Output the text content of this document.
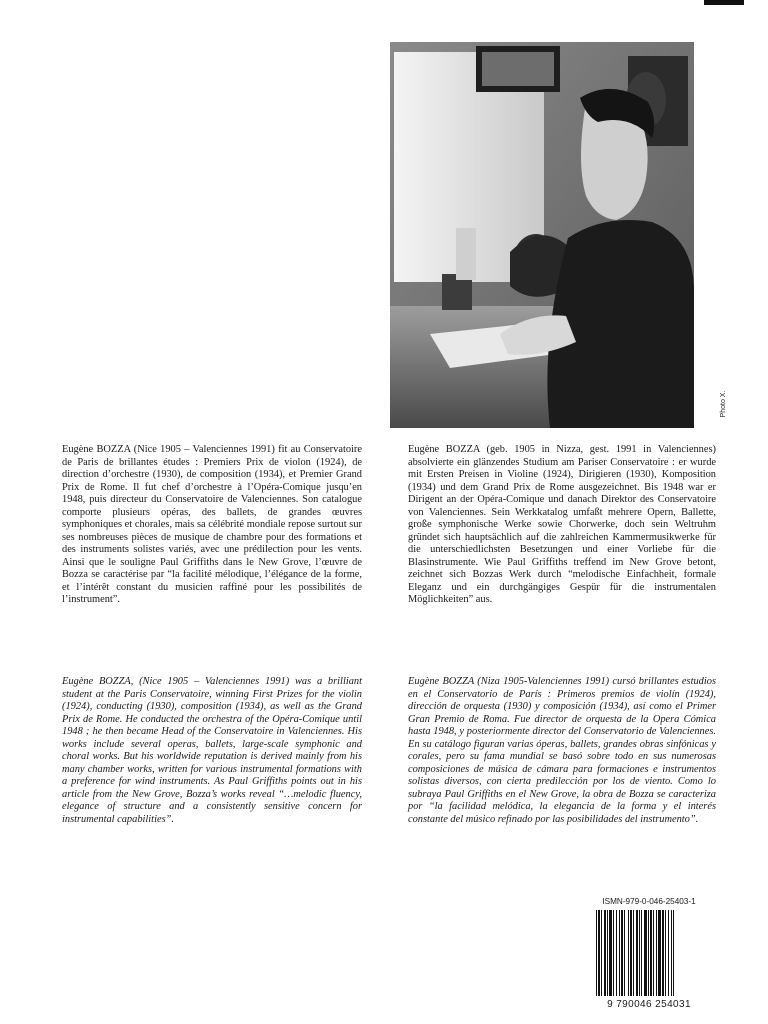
Photo X.

Eugène BOZZA (Nice 1905 – Valenciennes 1991) fit au Conservatoire de Paris de brillantes études : Premiers Prix de violon (1924), de direction d’orchestre (1930), de composition (1934), et Premier Grand Prix de Rome. Il fut chef d’orchestre à l’Opéra-Comique jusqu’en 1948, puis directeur du Conservatoire de Valenciennes. Son catalogue comporte plusieurs opéras, des ballets, de grandes œuvres symphoniques et chorales, mais sa célébrité mondiale repose surtout sur ses nombreuses pièces de musique de chambre pour des formations et des instruments solistes variés, avec une prédilection pour les vents. Ainsi que le souligne Paul Griffiths dans le New Grove, l’œuvre de Bozza se caractérise par “la facilité mélodique, l’élégance de la forme, et l’intérêt constant du musicien raffiné pour les possibilités de l’instrument”.

Eugène BOZZA (geb. 1905 in Nizza, gest. 1991 in Valenciennes) absolvierte ein glänzendes Studium am Pariser Conservatoire : er wurde mit Ersten Preisen in Violine (1924), Dirigieren (1930), Komposition (1934) und dem Grand Prix de Rome ausgezeichnet. Bis 1948 war er Dirigent an der Opéra-Comique und danach Direktor des Conservatoire von Valenciennes. Sein Werkkatalog umfaßt mehrere Opern, Ballette, große symphonische Werke sowie Chorwerke, doch sein Weltruhm gründet sich hauptsächlich auf die zahlreichen Kammermusikwerke für die unterschiedlichsten Besetzungen und einer Vorliebe für die Blasinstrumente. Wie Paul Griffiths treffend im New Grove betont, zeichnet sich Bozzas Werk durch “melodische Einfachheit, formale Eleganz und ein durchgängiges Gespür für die instrumentalen Möglichkeiten” aus.

Eugène BOZZA, (Nice 1905 – Valenciennes 1991) was a brilliant student at the Paris Conservatoire, winning First Prizes for the violin (1924), conducting (1930), composition (1934), as well as the Grand Prix de Rome. He conducted the orchestra of the Opéra-Comique until 1948 ; he then became Head of the Conservatoire in Valenciennes. His works include several operas, ballets, large-scale symphonic and choral works. But his worldwide reputation is derived mainly from his many chamber works, written for various instrumental formations with a preference for wind instruments. As Paul Griffiths points out in his article from the New Grove, Bozza’s works reveal “…melodic fluency, elegance of structure and a consistently sensitive concern for instrumental capabilities”.

Eugène BOZZA (Niza 1905-Valenciennes 1991) cursó brillantes estudios en el Conservatorio de París : Primeros premios de violín (1924), dirección de orquesta (1930) y composición (1934), así como el Primer Gran Premio de Roma. Fue director de orquesta de la Opera Cómica hasta 1948, y posteriormente director del Conservatorio de Valenciennes. En su catálogo figuran varias óperas, ballets, grandes obras sinfónicas y corales, pero su fama mundial se basó sobre todo en sus numerosas composiciones de música de cámara para formaciones e instrumentos solistas diversos, con cierta predilección por los de viento. Como lo subraya Paul Griffiths en el New Grove, la obra de Bozza se caracteriza por “la facilidad melódica, la elegancia de la forma y el interés constante del músico refinado por las posibilidades del instrumento”.

ISMN-979-0-046-25403-1
9 790046 254031
